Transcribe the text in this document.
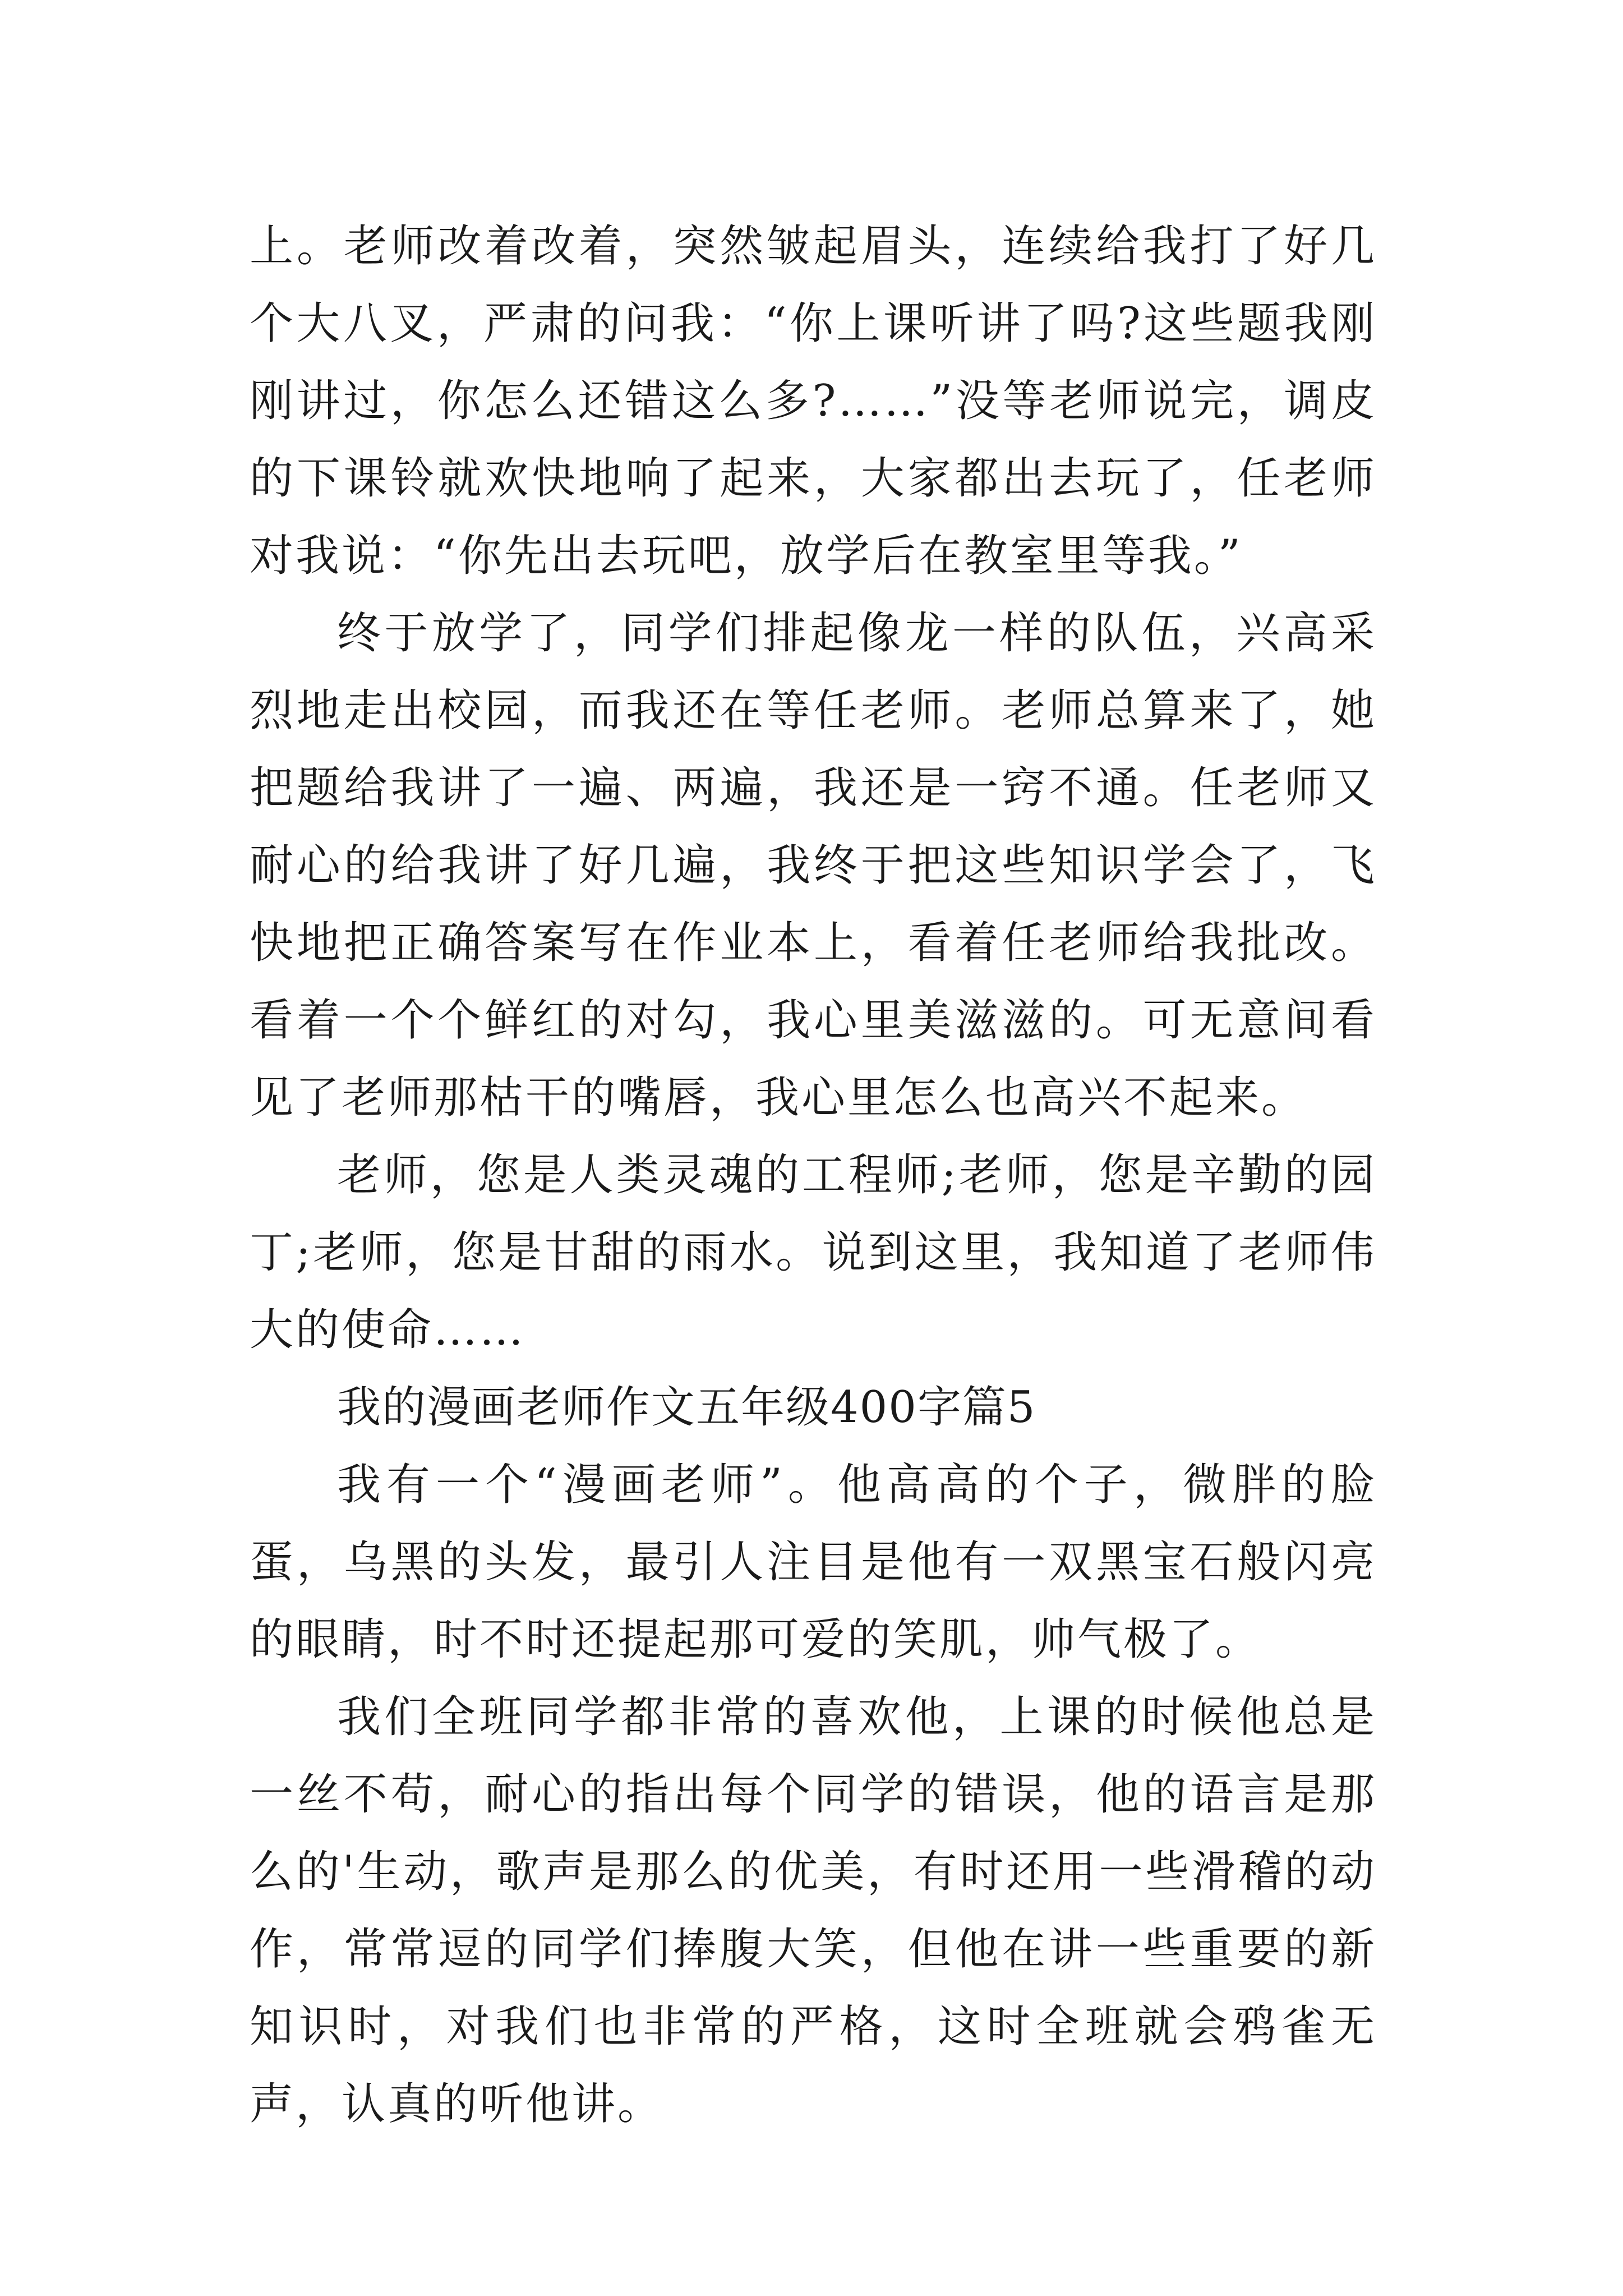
上。老师改着改着，突然皱起眉头，连续给我打了好几个大八叉，严肃的问我：“你上课听讲了吗?这些题我刚刚讲过，你怎么还错这么多?……”没等老师说完，调皮的下课铃就欢快地响了起来，大家都出去玩了，任老师对我说：“你先出去玩吧，放学后在教室里等我。”

终于放学了，同学们排起像龙一样的队伍，兴高采烈地走出校园，而我还在等任老师。老师总算来了，她把题给我讲了一遍、两遍，我还是一窍不通。任老师又耐心的给我讲了好几遍，我终于把这些知识学会了，飞快地把正确答案写在作业本上，看着任老师给我批改。看着一个个鲜红的对勾，我心里美滋滋的。可无意间看见了老师那枯干的嘴唇，我心里怎么也高兴不起来。

老师，您是人类灵魂的工程师;老师，您是辛勤的园丁;老师，您是甘甜的雨水。说到这里，我知道了老师伟大的使命……

我的漫画老师作文五年级400字篇5

我有一个“漫画老师”。他高高的个子，微胖的脸蛋，乌黑的头发，最引人注目是他有一双黑宝石般闪亮的眼睛，时不时还提起那可爱的笑肌，帅气极了。

我们全班同学都非常的喜欢他，上课的时候他总是一丝不苟，耐心的指出每个同学的错误，他的语言是那么的'生动，歌声是那么的优美，有时还用一些滑稽的动作，常常逗的同学们捧腹大笑，但他在讲一些重要的新知识时，对我们也非常的严格，这时全班就会鸦雀无声，认真的听他讲。
